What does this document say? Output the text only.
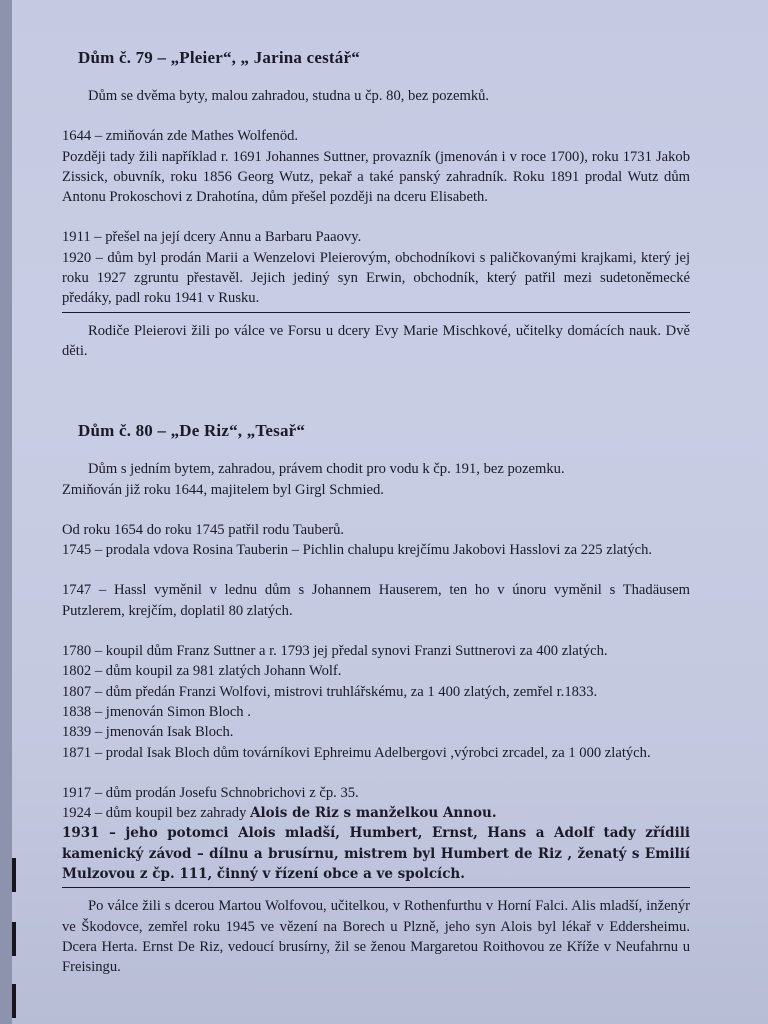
Dům č. 79 – „Pleier“, „ Jarina cestář“

Dům se dvěma byty, malou zahradou, studna u čp. 80, bez pozemků.

1644 – zmiňován zde Mathes Wolfenöd.

Později tady žili například r. 1691 Johannes Suttner, provazník (jmenován i v roce 1700), roku 1731 Jakob Zissick, obuvník, roku 1856 Georg Wutz, pekař a také panský zahradník. Roku 1891 prodal Wutz dům Antonu Prokoschovi z Drahotína, dům přešel později na dceru Elisabeth.

1911 – přešel na její dcery Annu a Barbaru Paaovy.

1920 – dům byl prodán Marii a Wenzelovi Pleierovým, obchodníkovi s paličkovanými krajkami, který jej roku 1927 zgruntu přestavěl. Jejich jediný syn Erwin, obchodník, který patřil mezi sudetoněmecké předáky, padl roku 1941 v Rusku.

Rodiče Pleierovi žili po válce ve Forsu u dcery Evy Marie Mischkové, učitelky domácích nauk. Dvě děti.

Dům č. 80 – „De Riz“, „Tesař“

Dům s jedním bytem, zahradou, právem chodit pro vodu k čp. 191, bez pozemku.

Zmiňován již roku 1644, majitelem byl Girgl Schmied.

Od roku 1654 do roku 1745 patřil rodu Tauberů.

1745 – prodala vdova Rosina Tauberin – Pichlin chalupu krejčímu Jakobovi Hasslovi za 225 zlatých.

1747 – Hassl vyměnil v lednu dům s Johannem Hauserem, ten ho v únoru vyměnil s Thadäusem Putzlerem, krejčím, doplatil 80 zlatých.

1780 – koupil dům Franz Suttner a r. 1793 jej předal synovi Franzi Suttnerovi za 400 zlatých.

1802 – dům koupil za 981 zlatých Johann Wolf.

1807 – dům předán Franzi Wolfovi, mistrovi truhlářskému, za 1 400 zlatých, zemřel r.1833.

1838 – jmenován Simon Bloch .

1839 – jmenován Isak Bloch.

1871 – prodal Isak Bloch dům továrníkovi Ephreimu Adelbergovi ,výrobci zrcadel, za 1 000 zlatých.

1917 – dům prodán Josefu Schnobrichovi z čp. 35.

1924 – dům koupil bez zahrady Alois de Riz s manželkou Annou.

1931 – jeho potomci Alois mladší, Humbert, Ernst, Hans a Adolf tady zřídili kamenický závod – dílnu a brusírnu, mistrem byl Humbert de Riz , ženatý s Emilií Mulzovou z čp. 111, činný v řízení obce a ve spolcích.

Po válce žili s dcerou Martou Wolfovou, učitelkou, v Rothenfurthu v Horní Falci. Alis mladší, inženýr ve Škodovce, zemřel roku 1945 ve vězení na Borech u Plzně, jeho syn Alois byl lékař v Eddersheimu. Dcera Herta. Ernst De Riz, vedoucí brusírny, žil se ženou Margaretou Roithovou ze Kříže v Neufahrnu u Freisingu.
